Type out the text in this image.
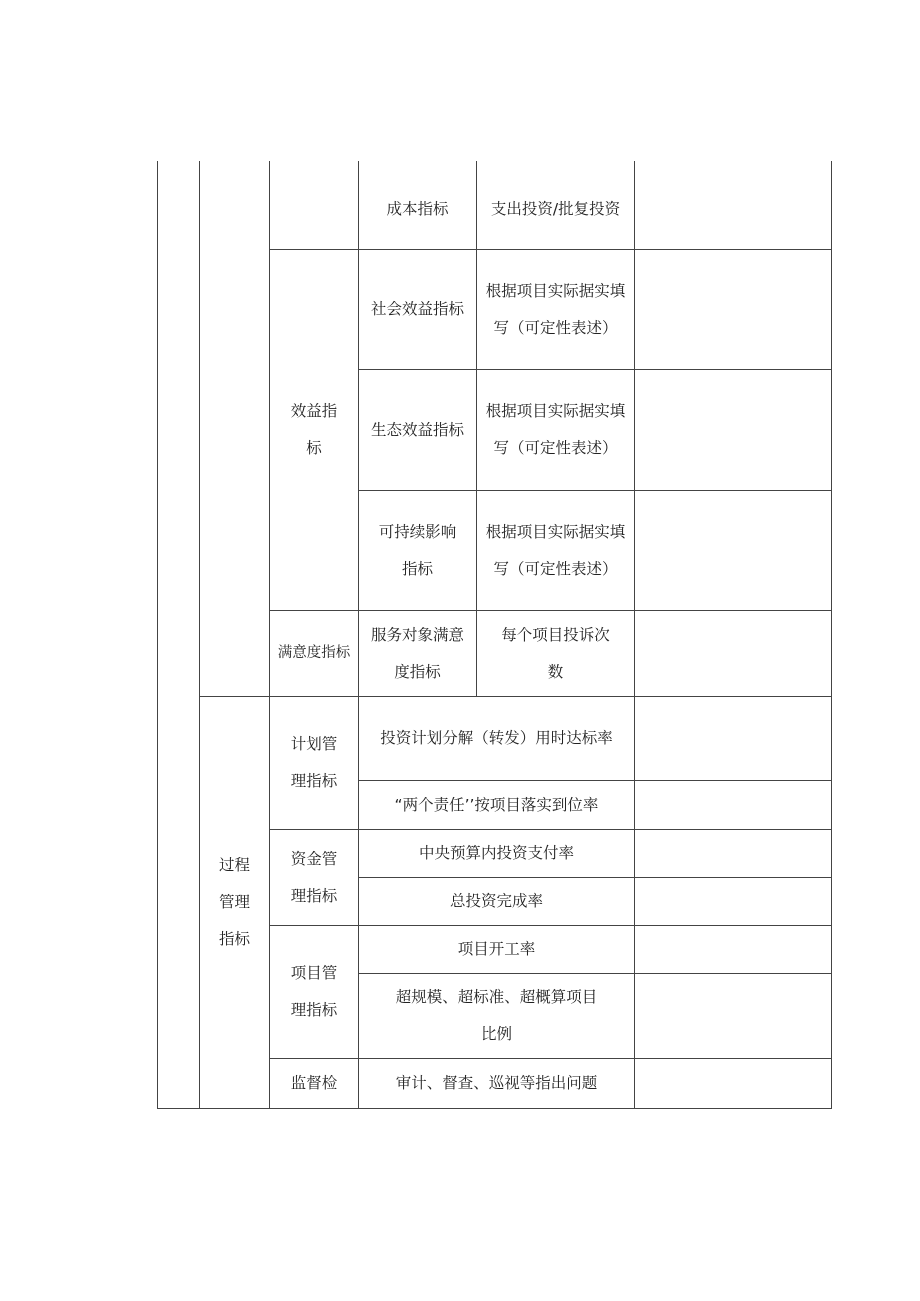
成本指标	支出投资/批复投资
效益指
标
社会效益指标
根据项目实际据实填
写（可定性表述）
生态效益指标
根据项目实际据实填
写（可定性表述）
可持续影响
指标
根据项目实际据实填
写（可定性表述）
满意度指标
服务对象满意
度指标
每个项目投诉次
数
过程
管理
指标
计划管
理指标
投资计划分解（转发）用时达标率
“两个责任’’按项目落实到位率
资金管
理指标
中央预算内投资支付率
总投资完成率
项目管
理指标
项目开工率
超规模、超标准、超概算项目
比例
监督检	审计、督查、巡视等指出问题
